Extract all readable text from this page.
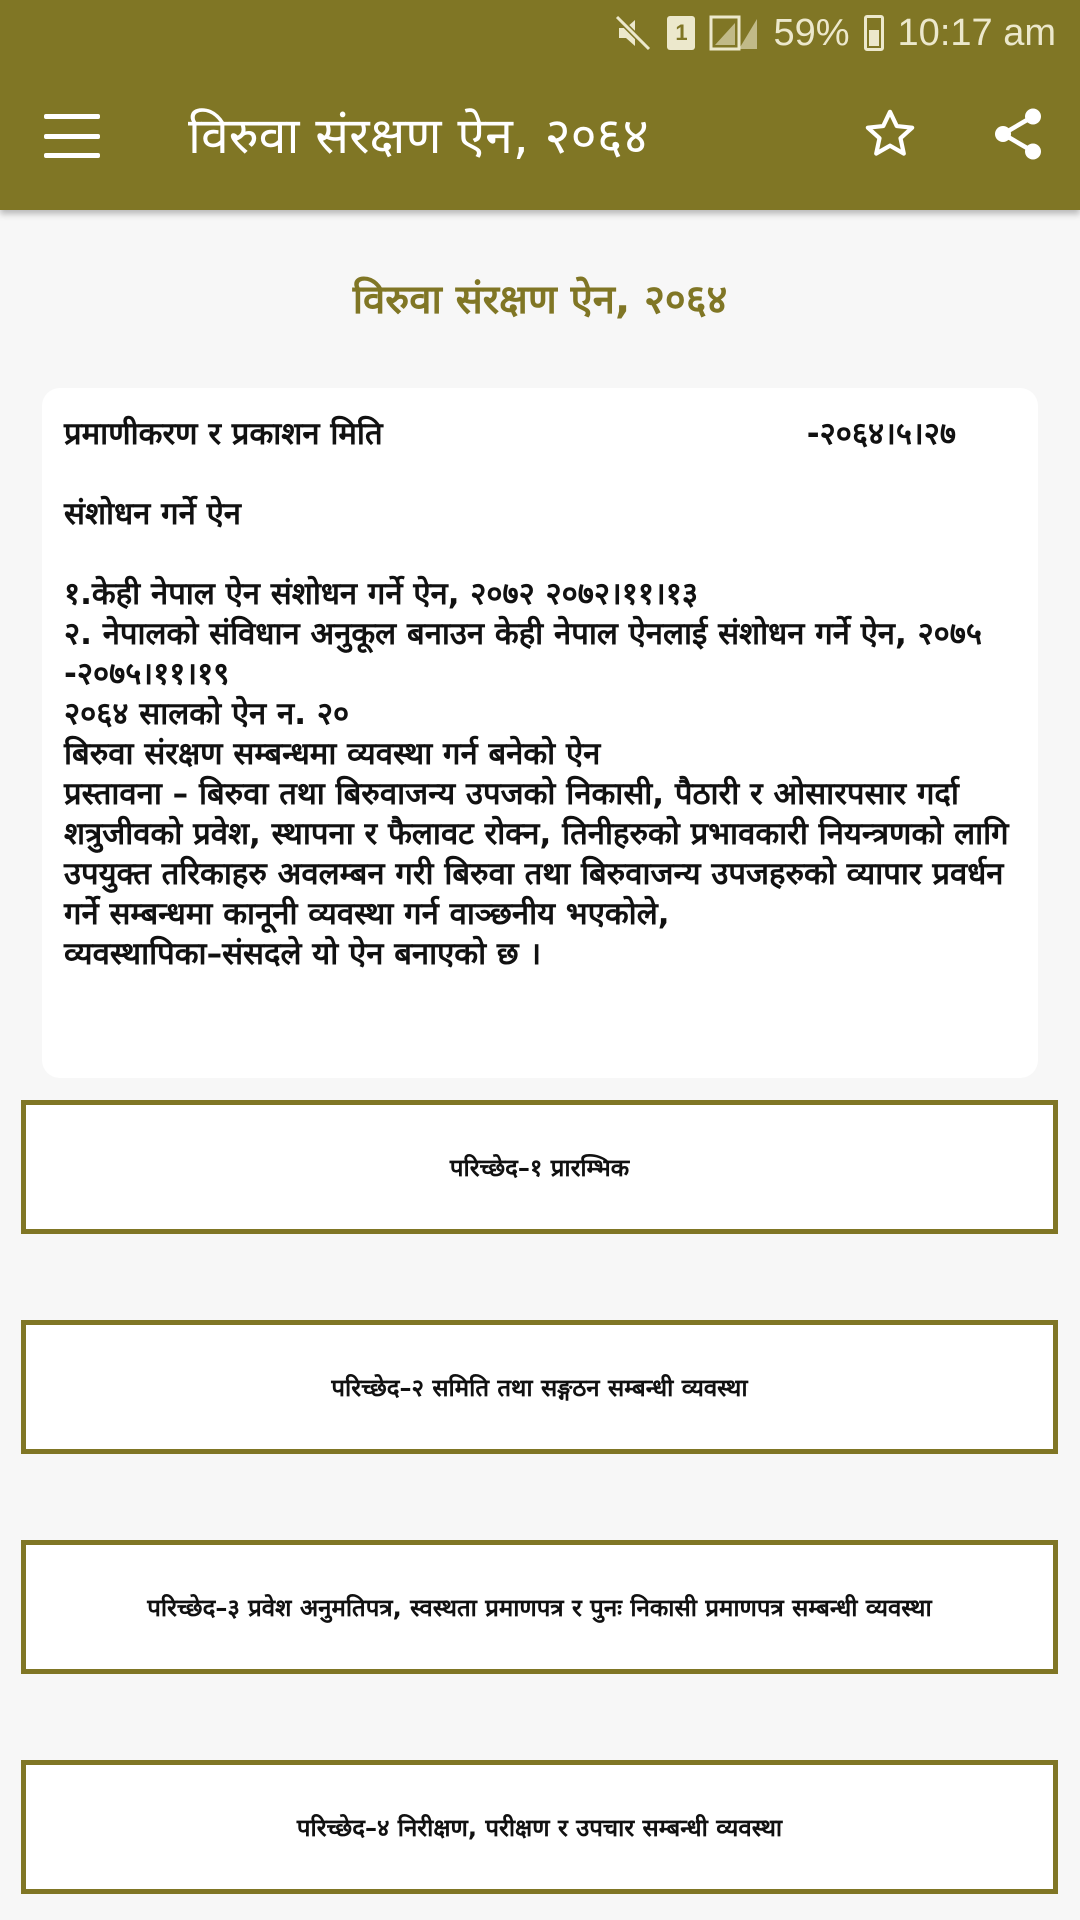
1 59% 10:17 am
विरुवा संरक्षण ऐन, २०६४
विरुवा संरक्षण ऐन, २०६४
प्रमाणीकरण र प्रकाशन मिति	-२०६४।५।२७
संशोधन गर्ने ऐन
१.केही नेपाल ऐन संशोधन गर्ने ऐन, २०७२ २०७२।११।१३
२. नेपालको संविधान अनुकूल बनाउन केही नेपाल ऐनलाई संशोधन गर्ने ऐन, २०७५ -२०७५।११।१९
२०६४ सालको ऐन न. २०
बिरुवा संरक्षण सम्बन्धमा व्यवस्था गर्न बनेको ऐन
प्रस्तावना – बिरुवा तथा बिरुवाजन्य उपजको निकासी, पैठारी र ओसारपसार गर्दा शत्रुजीवको प्रवेश, स्थापना र फैलावट रोक्न, तिनीहरुको प्रभावकारी नियन्त्रणको लागि उपयुक्त तरिकाहरु अवलम्बन गरी बिरुवा तथा बिरुवाजन्य उपजहरुको व्यापार प्रवर्धन गर्ने सम्बन्धमा कानूनी व्यवस्था गर्न वाञ्छनीय भएकोले,
व्यवस्थापिका–संसदले यो ऐन बनाएको छ ।
परिच्छेद–१ प्रारम्भिक
परिच्छेद–२ समिति तथा सङ्गठन सम्बन्धी व्यवस्था
परिच्छेद–३ प्रवेश अनुमतिपत्र, स्वस्थता प्रमाणपत्र र पुनः निकासी प्रमाणपत्र सम्बन्धी व्यवस्था
परिच्छेद–४ निरीक्षण, परीक्षण र उपचार सम्बन्धी व्यवस्था
